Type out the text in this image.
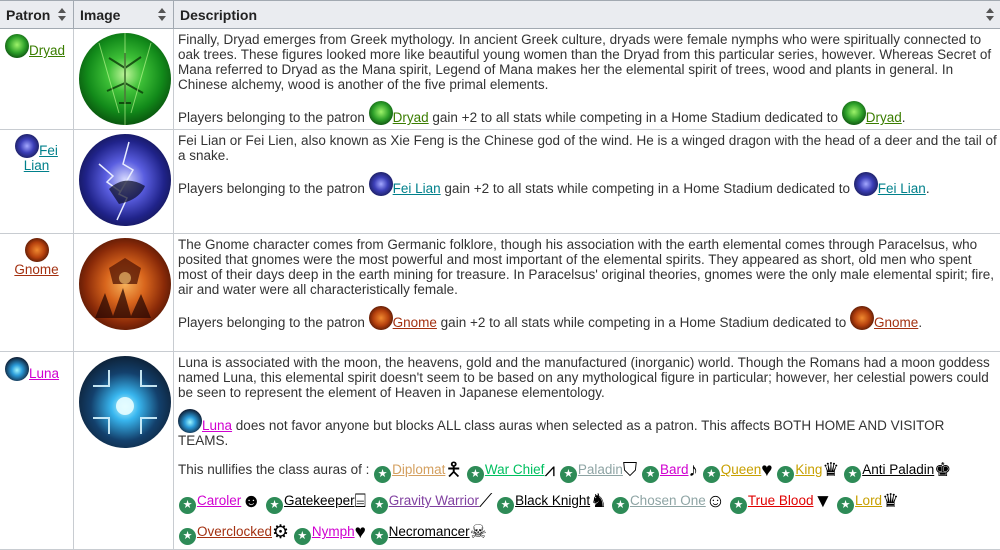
Patron	Image	Description

Dryad		Finally, Dryad emerges from Greek mythology. In ancient Greek culture, dryads were female nymphs who were spiritually connected to oak trees. These figures looked more like beautiful young women than the Dryad from this particular series, however. Whereas Secret of Mana referred to Dryad as the Mana spirit, Legend of Mana makes her the elemental spirit of trees, wood and plants in general. In Chinese alchemy, wood is another of the five primal elements.

Players belonging to the patron Dryad gain +2 to all stats while competing in a Home Stadium dedicated to Dryad.

Fei Lian		Fei Lian or Fei Lien, also known as Xie Feng is the Chinese god of the wind. He is a winged dragon with the head of a deer and the tail of a snake.

Players belonging to the patron Fei Lian gain +2 to all stats while competing in a Home Stadium dedicated to Fei Lian.

Gnome		The Gnome character comes from Germanic folklore, though his association with the earth elemental comes through Paracelsus, who posited that gnomes were the most powerful and most important of the elemental spirits. They appeared as short, old men who spent most of their days deep in the earth mining for treasure. In Paracelsus' original theories, gnomes were the only male elemental spirit; fire, air and water were all characteristically female.

Players belonging to the patron Gnome gain +2 to all stats while competing in a Home Stadium dedicated to Gnome.

Luna		Luna is associated with the moon, the heavens, gold and the manufactured (inorganic) world. Though the Romans had a moon goddess named Luna, this elemental spirit doesn't seem to be based on any mythological figure in particular; however, her celestial powers could be seen to represent the element of Heaven in Japanese elementology.

Luna does not favor anyone but blocks ALL class auras when selected as a patron. This affects BOTH HOME AND VISITOR TEAMS.

This nullifies the class auras of : ★ Diplomat🯅 ★ War Chief⩘ ★ Paladin⛉ ★ Bard♪ ★ Queen♥ ★ King♛ ★ Anti Paladin♚ ★ Caroler☻ ★ Gatekeeper⌸ ★ Gravity Warrior⟋ ★ Black Knight♞ ★ Chosen One☺ ★ True Blood▼ ★ Lord♛ ★ Overclocked⚙ ★ Nymph♥ ★ Necromancer☠
